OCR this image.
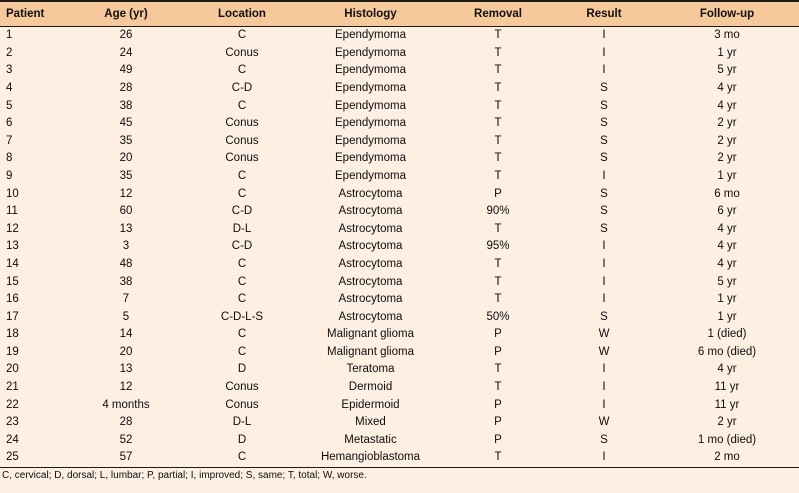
Patient	Age (yr)	Location	Histology	Removal	Result	Follow-up
1	26	C	Ependymoma	T	I	3 mo
2	24	Conus	Ependymoma	T	I	1 yr
3	49	C	Ependymoma	T	I	5 yr
4	28	C-D	Ependymoma	T	S	4 yr
5	38	C	Ependymoma	T	S	4 yr
6	45	Conus	Ependymoma	T	S	2 yr
7	35	Conus	Ependymoma	T	S	2 yr
8	20	Conus	Ependymoma	T	S	2 yr
9	35	C	Ependymoma	T	I	1 yr
10	12	C	Astrocytoma	P	S	6 mo
11	60	C-D	Astrocytoma	90%	S	6 yr
12	13	D-L	Astrocytoma	T	S	4 yr
13	3	C-D	Astrocytoma	95%	I	4 yr
14	48	C	Astrocytoma	T	I	4 yr
15	38	C	Astrocytoma	T	I	5 yr
16	7	C	Astrocytoma	T	I	1 yr
17	5	C-D-L-S	Astrocytoma	50%	S	1 yr
18	14	C	Malignant glioma	P	W	1 (died)
19	20	C	Malignant glioma	P	W	6 mo (died)
20	13	D	Teratoma	T	I	4 yr
21	12	Conus	Dermoid	T	I	11 yr
22	4 months	Conus	Epidermoid	P	I	11 yr
23	28	D-L	Mixed	P	W	2 yr
24	52	D	Metastatic	P	S	1 mo (died)
25	57	C	Hemangioblastoma	T	I	2 mo
C, cervical; D, dorsal; L, lumbar; P, partial; I, improved; S, same; T, total; W, worse.
